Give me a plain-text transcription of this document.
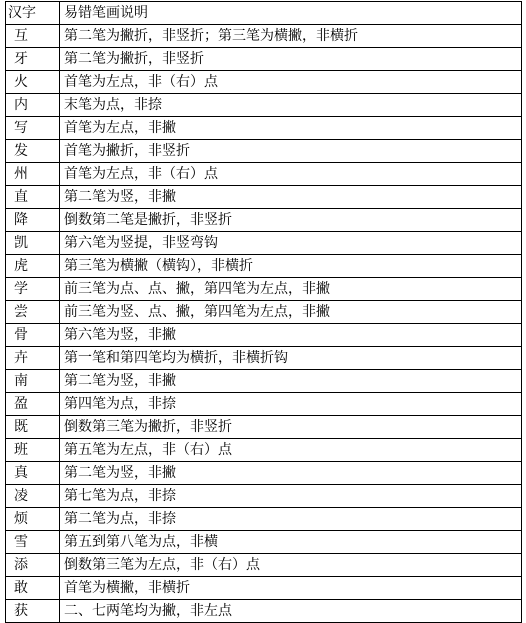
汉字	易错笔画说明
互	第二笔为撇折，非竖折；第三笔为横撇，非横折
牙	第二笔为撇折，非竖折
火	首笔为左点，非（右）点
内	末笔为点，非捺
写	首笔为左点，非撇
发	首笔为撇折，非竖折
州	首笔为左点，非（右）点
直	第二笔为竖，非撇
降	倒数第二笔是撇折，非竖折
凯	第六笔为竖提，非竖弯钩
虎	第三笔为横撇（横钩），非横折
学	前三笔为点、点、撇，第四笔为左点，非撇
尝	前三笔为竖、点、撇，第四笔为左点，非撇
骨	第六笔为竖，非撇
卉	第一笔和第四笔均为横折，非横折钩
南	第二笔为竖，非撇
盈	第四笔为点，非捺
既	倒数第三笔为撇折，非竖折
班	第五笔为左点，非（右）点
真	第二笔为竖，非撇
凌	第七笔为点，非捺
烦	第二笔为点，非捺
雪	第五到第八笔为点，非横
添	倒数第三笔为左点，非（右）点
敢	首笔为横撇，非横折
获	二、七两笔均为撇，非左点
